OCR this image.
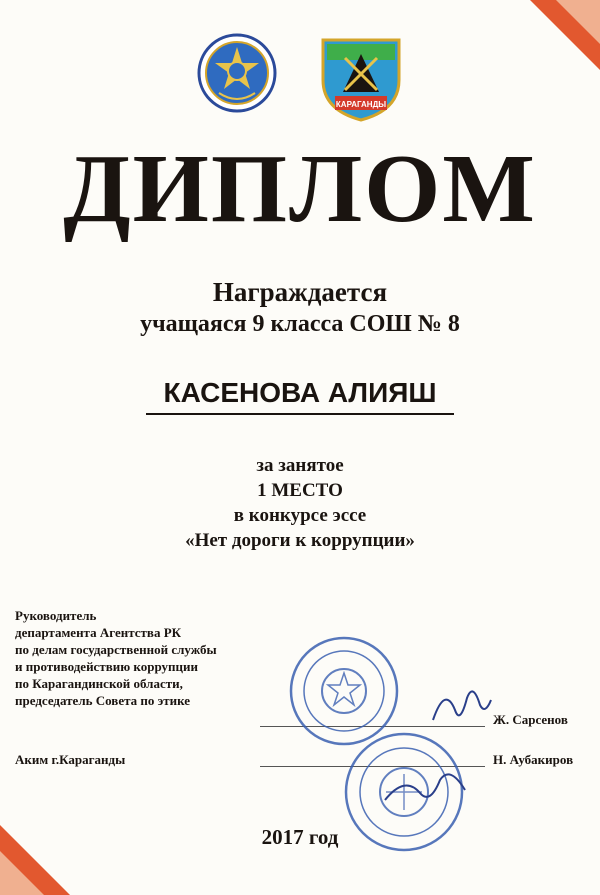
КАРАГАНДЫ
ДИПЛОМ
Награждается
учащаяся 9 класса СОШ № 8
КАСЕНОВА АЛИЯШ
за занятое
1 МЕСТО
в конкурсе эссе
«Нет дороги к коррупции»
Руководитель
департамента Агентства РК
по делам государственной службы
и противодействию коррупции
по Карагандинской области,
председатель Совета по этике
Аким г.Караганды
Ж. Сарсенов
Н. Аубакиров
2017 год
